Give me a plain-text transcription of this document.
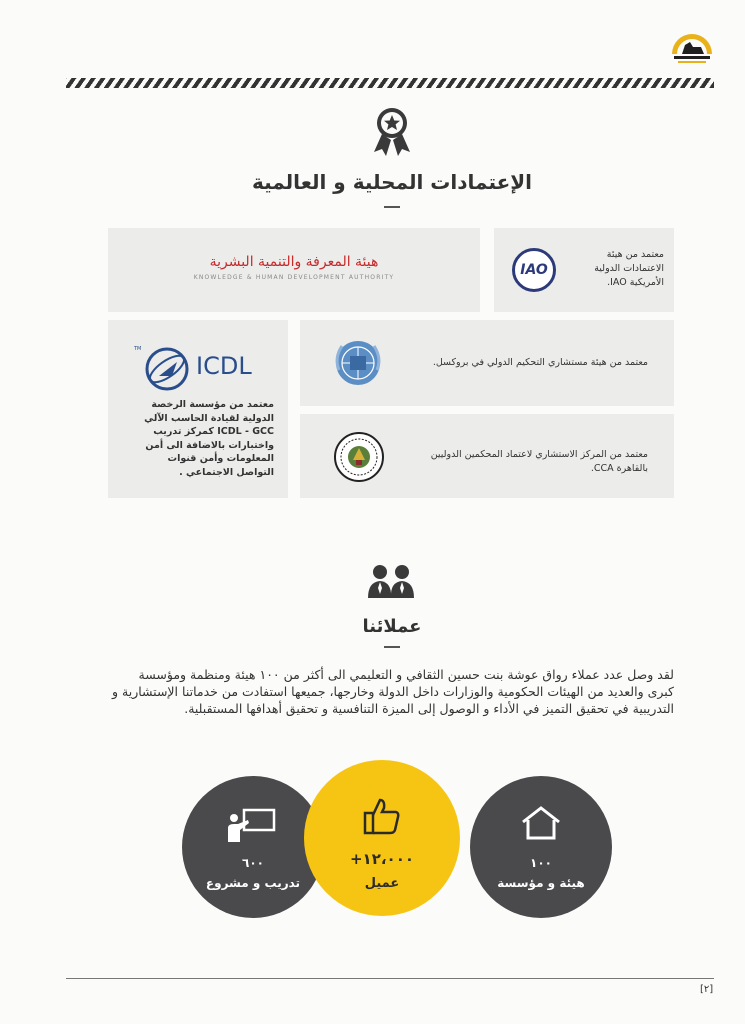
الإعتمادات المحلية و العالمية
هيئة المعرفة والتنمية البشرية
KNOWLEDGE & HUMAN DEVELOPMENT AUTHORITY	IAO
معتمد من هيئة الاعتمادات الدولية الأمريكية IAO.
TM
ICDL
معتمد من مؤسسة الرخصة الدولية لقيادة الحاسب الآلي ICDL - GCC كمركز تدريب واختبارات بالاضافة الى أمن المعلومات وأمن قنوات التواصل الاجتماعي .
معتمد من هيئة مستشاري التحكيم الدولي في بروكسل.
معتمد من المركز الاستشاري لاعتماد المحكمين الدوليين بالقاهرة CCA.
عملائنا
لقد وصل عدد عملاء رواق عوشة بنت حسين الثقافي و التعليمي الى أكثر من ١٠٠ هيئة ومنظمة ومؤسسة كبرى والعديد من الهيئات الحكومية والوزارات داخل الدولة وخارجها، جميعها استفادت من خدماتنا الإستشارية و التدريبية في تحقيق التميز في الأداء و الوصول إلى الميزة التنافسية و تحقيق أهدافها المستقبلية.
١٠٠
هيئة و مؤسسة
٦٠٠
تدريب و مشروع
+١٢،٠٠٠
عميل
[٢]
